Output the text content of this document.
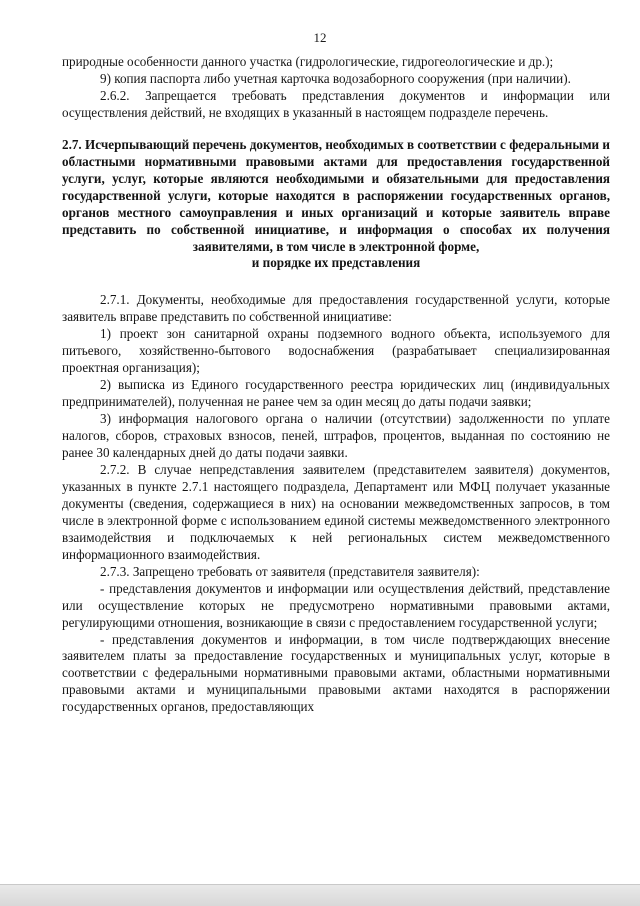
12

природные особенности данного участка (гидрологические, гидрогеологические и др.);

9) копия паспорта либо учетная карточка водозаборного сооружения (при наличии).

2.6.2. Запрещается требовать представления документов и информации или осуществления действий, не входящих в указанный в настоящем подразделе перечень.

2.7. Исчерпывающий перечень документов, необходимых в соответствии с федеральными и областными нормативными правовыми актами для предоставления государственной услуги, услуг, которые являются необходимыми и обязательными для предоставления государственной услуги, которые находятся в распоряжении государственных органов, органов местного самоуправления и иных организаций и которые заявитель вправе представить по собственной инициативе, и информация о способах их получения заявителями, в том числе в электронной форме,

и порядке их представления

2.7.1. Документы, необходимые для предоставления государственной услуги, которые заявитель вправе представить по собственной инициативе:

1) проект зон санитарной охраны подземного водного объекта, используемого для питьевого, хозяйственно-бытового водоснабжения (разрабатывает специализированная проектная организация);

2) выписка из Единого государственного реестра юридических лиц (индивидуальных предпринимателей), полученная не ранее чем за один месяц до даты подачи заявки;

3) информация налогового органа о наличии (отсутствии) задолженности по уплате налогов, сборов, страховых взносов, пеней, штрафов, процентов, выданная по состоянию не ранее 30 календарных дней до даты подачи заявки.

2.7.2. В случае непредставления заявителем (представителем заявителя) документов, указанных в пункте 2.7.1 настоящего подраздела, Департамент или МФЦ получает указанные документы (сведения, содержащиеся в них) на основании межведомственных запросов, в том числе в электронной форме с использованием единой системы межведомственного электронного взаимодействия и подключаемых к ней региональных систем межведомственного информационного взаимодействия.

2.7.3. Запрещено требовать от заявителя (представителя заявителя):

- представления документов и информации или осуществления действий, представление или осуществление которых не предусмотрено нормативными правовыми актами, регулирующими отношения, возникающие в связи с предоставлением государственной услуги;

- представления документов и информации, в том числе подтверждающих внесение заявителем платы за предоставление государственных и муниципальных услуг, которые в соответствии с федеральными нормативными правовыми актами, областными нормативными правовыми актами и муниципальными правовыми актами находятся в распоряжении государственных органов, предоставляющих
